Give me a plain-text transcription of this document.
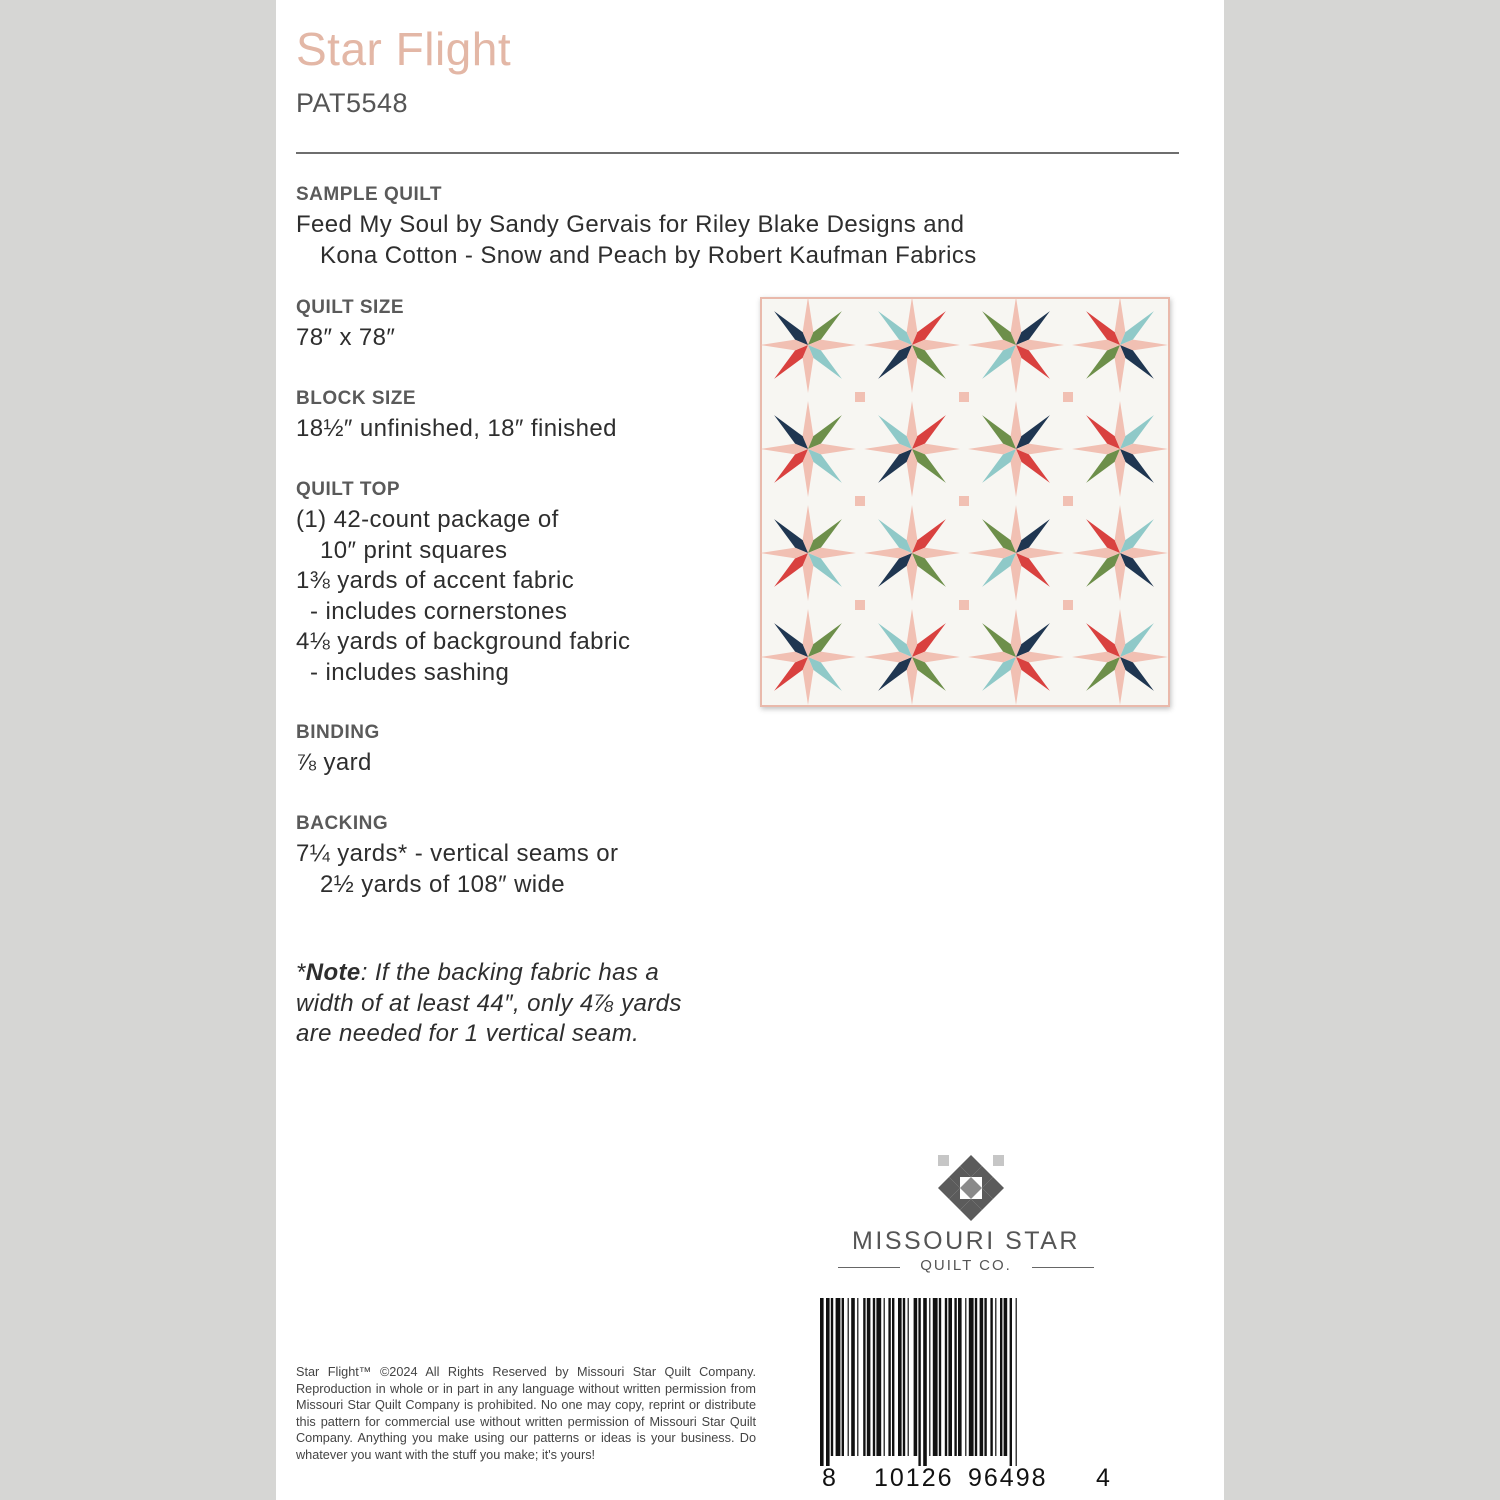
Star Flight
PAT5548
SAMPLE QUILT

Feed My Soul by Sandy Gervais for Riley Blake Designs and
Kona Cotton - Snow and Peach by Robert Kaufman Fabrics

QUILT SIZE

78″ x 78″

BLOCK SIZE

18½″ unfinished, 18″ finished

QUILT TOP

(1) 42-count package of
10″ print squares
1⅜ yards of accent fabric
- includes cornerstones
4⅛ yards of background fabric
- includes sashing

BINDING

⅞ yard

BACKING

7¼ yards* - vertical seams or
2½ yards of 108″ wide

*Note: If the backing fabric has a width of at least 44″, only 4⅞ yards are needed for 1 vertical seam.
MISSOURI STAR
QUILT CO.
Star Flight™ ©2024 All Rights Reserved by Missouri Star Quilt Company. Reproduction in whole or in part in any language without written permission from Missouri Star Quilt Company is prohibited. No one may copy, reprint or distribute this pattern for commercial use without written permission of Missouri Star Quilt Company. Anything you make using our patterns or ideas is your business. Do whatever you want with the stuff you make; it's yours!
8 10126 96498 4
